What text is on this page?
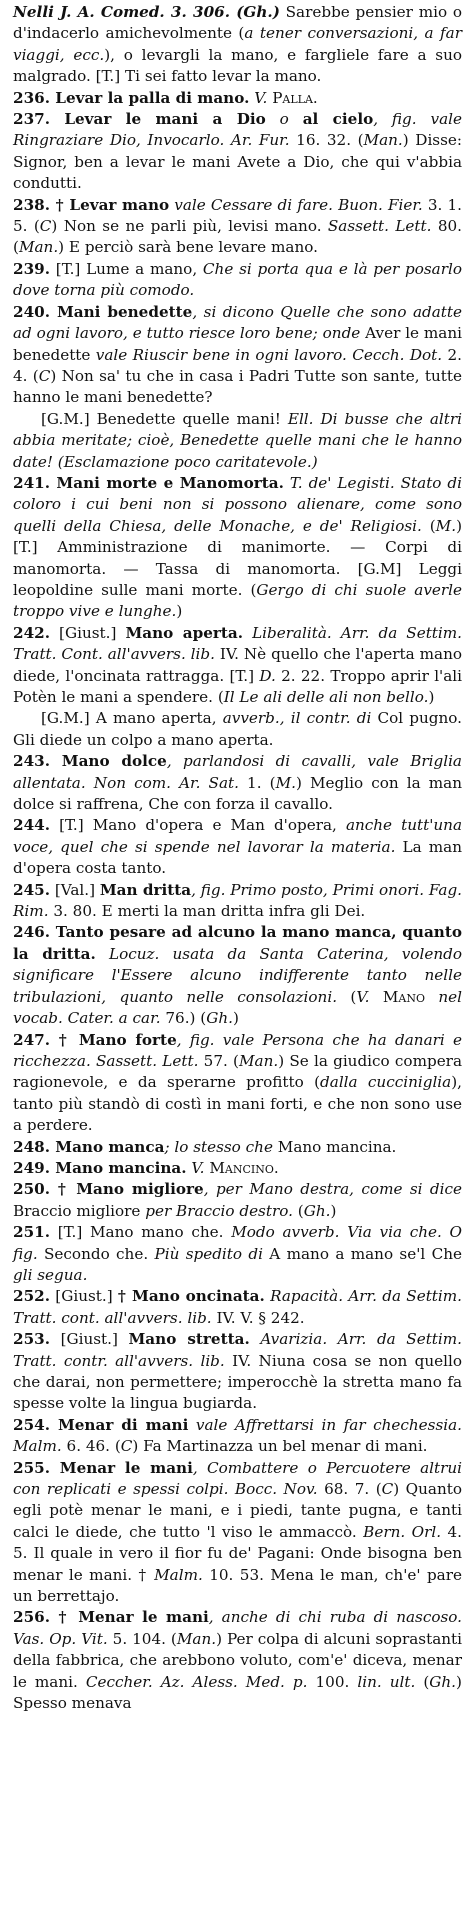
Nelli J. A. Comed. 3. 306. (Gh.) Sarebbe pensier mio o d'indacerlo amichevolmente (a tener conversazioni, a far viaggi, ecc.), o levargli la mano, e fargliele fare a suo malgrado. [T.] Ti sei fatto levar la mano.

236. Levar la palla di mano. V. Palla.

237. Levar le mani a Dio o al cielo, fig. vale Ringraziare Dio, Invocarlo. Ar. Fur. 16. 32. (Man.) Disse: Signor, ben a levar le mani Avete a Dio, che qui v'abbia condutti.

238. † Levar mano vale Cessare di fare. Buon. Fier. 3. 1. 5. (C) Non se ne parli più, levisi mano. Sassett. Lett. 80. (Man.) E perciò sarà bene levare mano.

239. [T.] Lume a mano, Che si porta qua e là per posarlo dove torna più comodo.

240. Mani benedette, si dicono Quelle che sono adatte ad ogni lavoro, e tutto riesce loro bene; onde Aver le mani benedette vale Riuscir bene in ogni lavoro. Cecch. Dot. 2. 4. (C) Non sa' tu che in casa i Padri Tutte son sante, tutte hanno le mani benedette?

[G.M.] Benedette quelle mani! Ell. Di busse che altri abbia meritate; cioè, Benedette quelle mani che le hanno date! (Esclamazione poco caritatevole.)

241. Mani morte e Manomorta. T. de' Legisti. Stato di coloro i cui beni non si possono alienare, come sono quelli della Chiesa, delle Monache, e de' Religiosi. (M.) [T.] Amministrazione di manimorte. — Corpi di manomorta. — Tassa di manomorta. [G.M] Leggi leopoldine sulle mani morte. (Gergo di chi suole averle troppo vive e lunghe.)

242. [Giust.] Mano aperta. Liberalità. Arr. da Settim. Tratt. Cont. all'avvers. lib. IV. Nè quello che l'aperta mano diede, l'oncinata rattragga. [T.] D. 2. 22. Troppo aprir l'ali Potèn le mani a spendere. (Il Le ali delle ali non bello.)

[G.M.] A mano aperta, avverb., il contr. di Col pugno. Gli diede un colpo a mano aperta.

243. Mano dolce, parlandosi di cavalli, vale Briglia allentata. Non com. Ar. Sat. 1. (M.) Meglio con la man dolce si raffrena, Che con forza il cavallo.

244. [T.] Mano d'opera e Man d'opera, anche tutt'una voce, quel che si spende nel lavorar la materia. La man d'opera costa tanto.

245. [Val.] Man dritta, fig. Primo posto, Primi onori. Fag. Rim. 3. 80. E merti la man dritta infra gli Dei.

246. Tanto pesare ad alcuno la mano manca, quanto la dritta. Locuz. usata da Santa Caterina, volendo significare l'Essere alcuno indifferente tanto nelle tribulazioni, quanto nelle consolazioni. (V. Mano nel vocab. Cater. a car. 76.) (Gh.)

247. † Mano forte, fig. vale Persona che ha danari e ricchezza. Sassett. Lett. 57. (Man.) Se la giudico compera ragionevole, e da sperarne profitto (dalla cucciniglia), tanto più standò di costì in mani forti, e che non sono use a perdere.

248. Mano manca; lo stesso che Mano mancina.

249. Mano mancina. V. Mancino.

250. † Mano migliore, per Mano destra, come si dice Braccio migliore per Braccio destro. (Gh.)

251. [T.] Mano mano che. Modo avverb. Via via che. O fig. Secondo che. Più spedito di A mano a mano se'l Che gli segua.

252. [Giust.] † Mano oncinata. Rapacità. Arr. da Settim. Tratt. cont. all'avvers. lib. IV. V. § 242.

253. [Giust.] Mano stretta. Avarizia. Arr. da Settim. Tratt. contr. all'avvers. lib. IV. Niuna cosa se non quello che darai, non permettere; imperocchè la stretta mano fa spesse volte la lingua bugiarda.

254. Menar di mani vale Affrettarsi in far chechessia. Malm. 6. 46. (C) Fa Martinazza un bel menar di mani.

255. Menar le mani, Combattere o Percuotere altrui con replicati e spessi colpi. Bocc. Nov. 68. 7. (C) Quanto egli potè menar le mani, e i piedi, tante pugna, e tanti calci le diede, che tutto 'l viso le ammaccò. Bern. Orl. 4. 5. Il quale in vero il fior fu de' Pagani: Onde bisogna ben menar le mani. † Malm. 10. 53. Mena le man, ch'e' pare un berrettajo.

256. † Menar le mani, anche di chi ruba di nascoso. Vas. Op. Vit. 5. 104. (Man.) Per colpa di alcuni soprastanti della fabbrica, che arebbono voluto, com'e' diceva, menar le mani. Ceccher. Az. Aless. Med. p. 100. lin. ult. (Gh.) Spesso menava
